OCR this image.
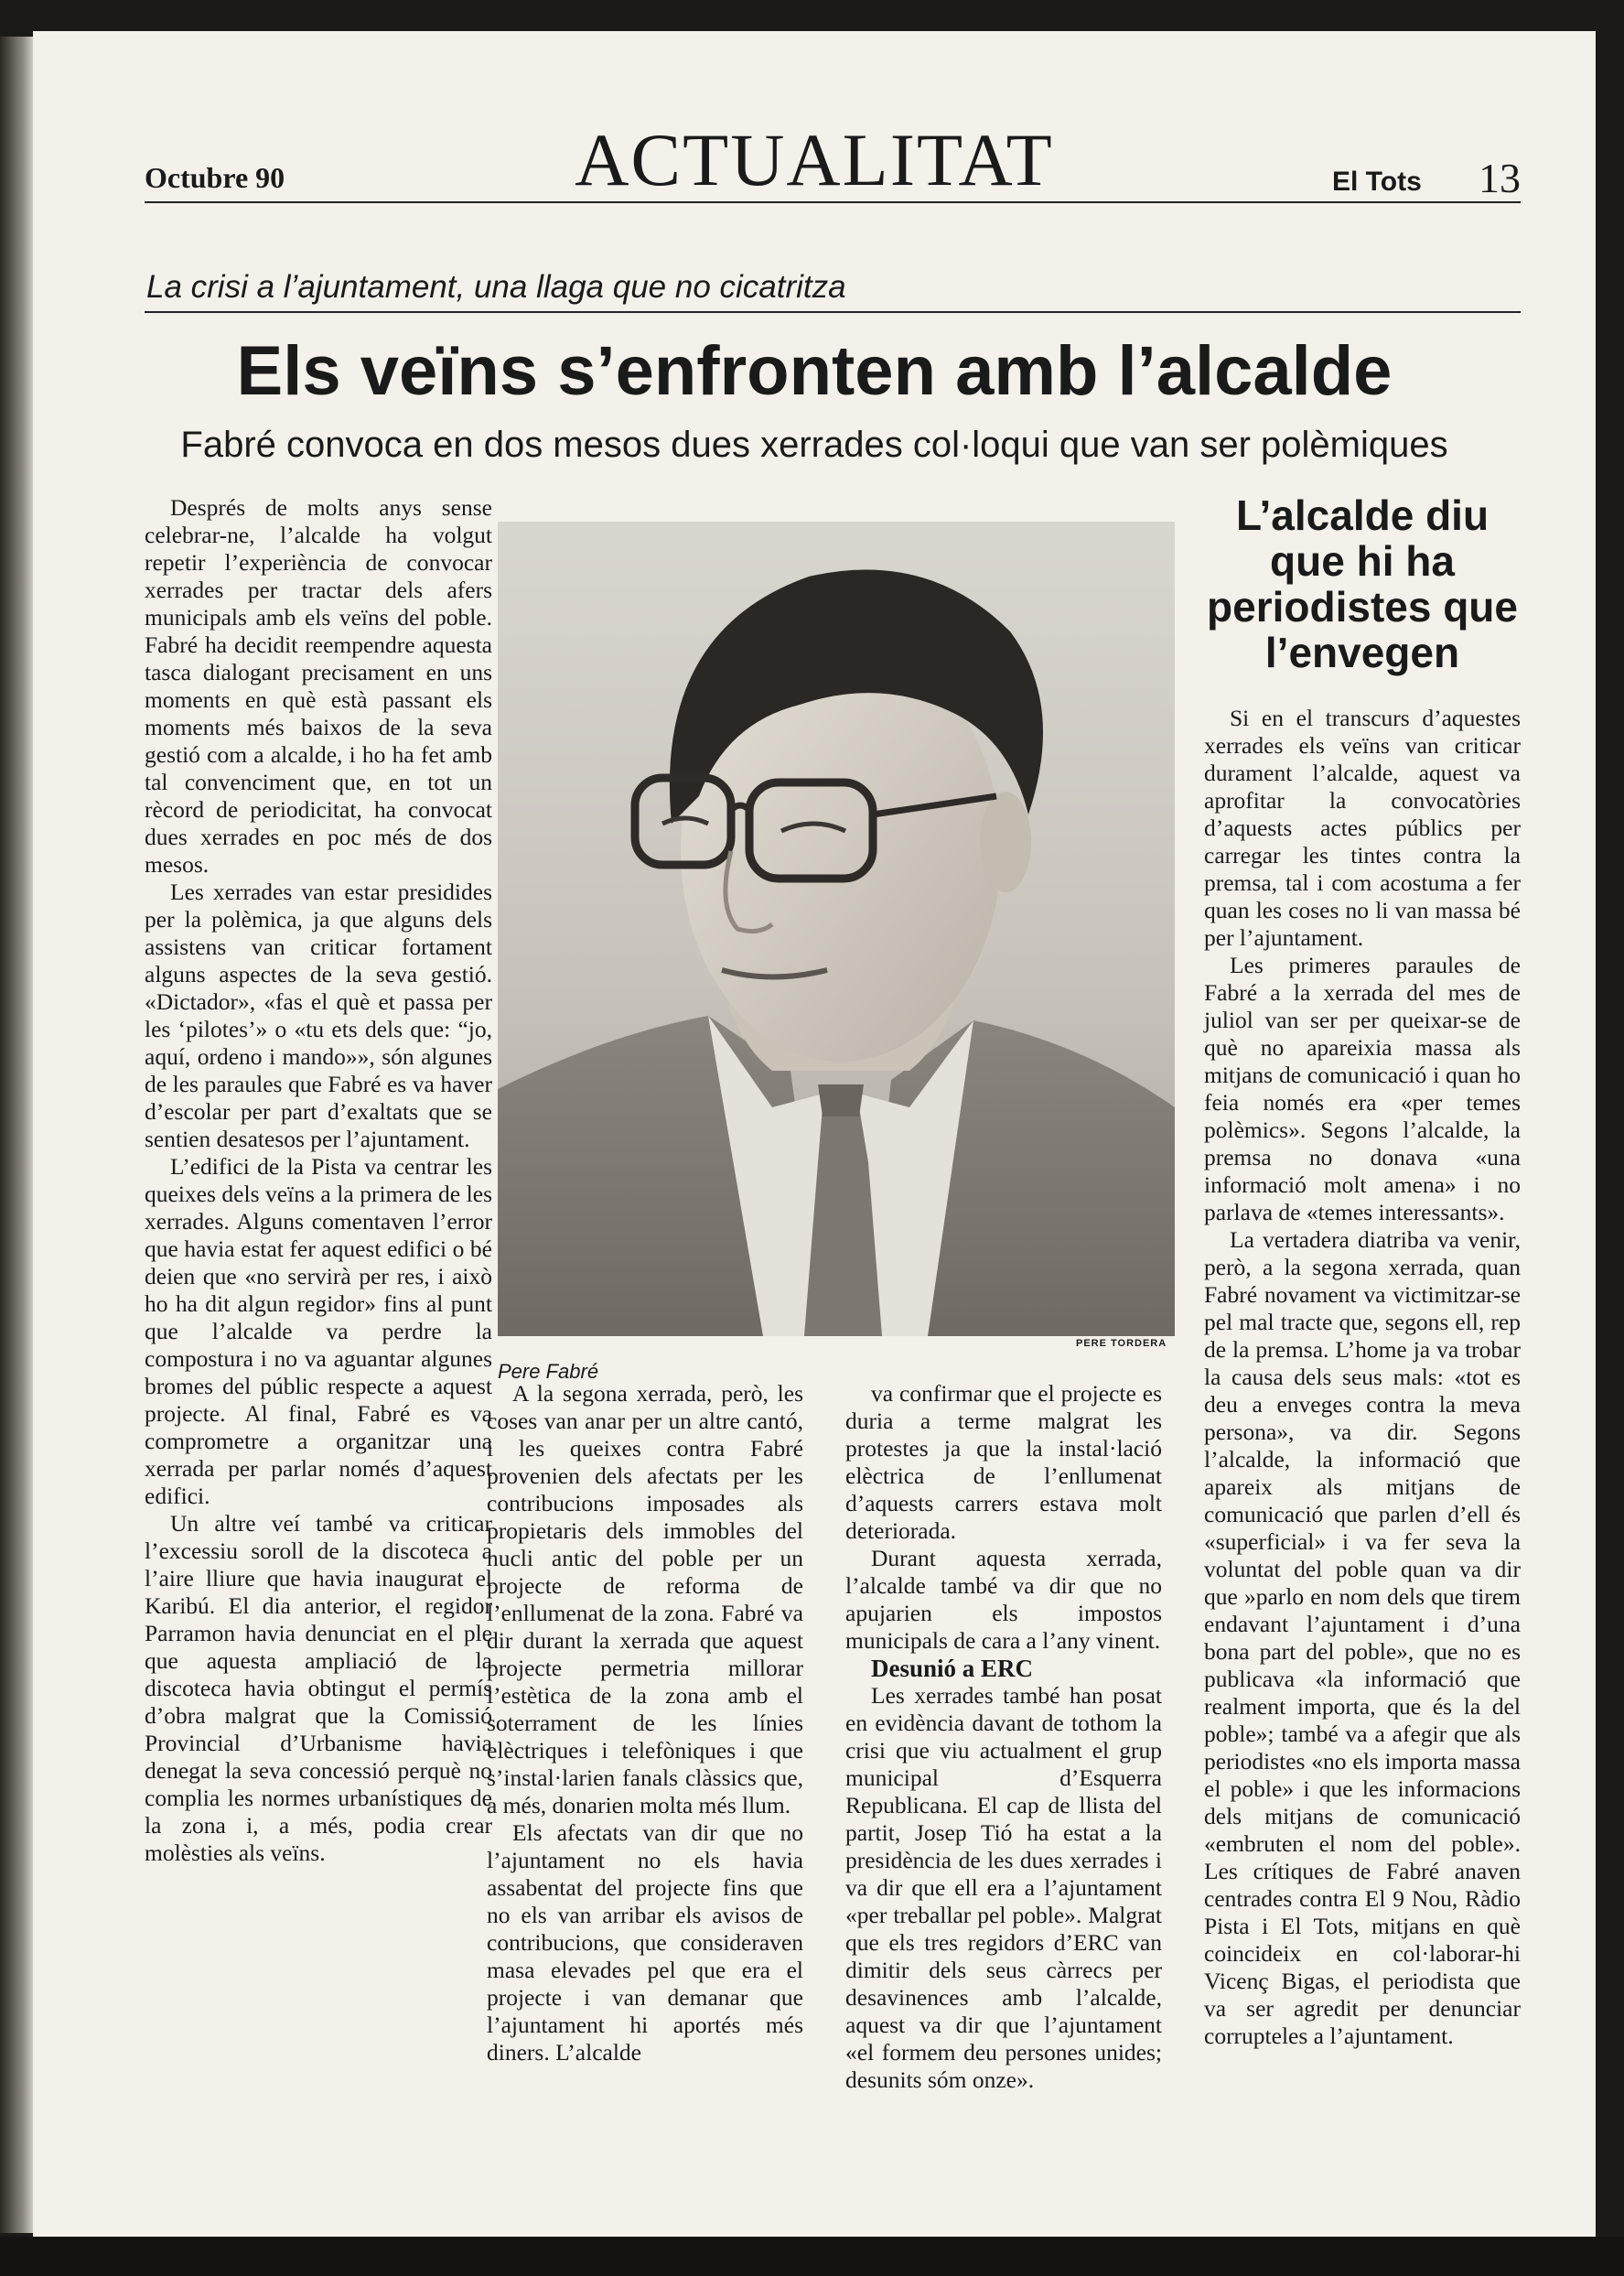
Octubre 90	ACTUALITAT	El Tots 13
La crisi a l’ajuntament, una llaga que no cicatritza
Els veïns s’enfronten amb l’alcalde
Fabré convoca en dos mesos dues xerrades col·loqui que van ser polèmiques

Després de molts anys sense celebrar-ne, l’alcalde ha volgut repetir l’experiència de convocar xerrades per tractar dels afers municipals amb els veïns del poble. Fabré ha decidit reempendre aquesta tasca dialogant precisament en uns moments en què està passant els moments més baixos de la seva gestió com a alcalde, i ho ha fet amb tal convenciment que, en tot un rècord de periodicitat, ha convocat dues xerrades en poc més de dos mesos.

Les xerrades van estar presidides per la polèmica, ja que alguns dels assistens van criticar fortament alguns aspectes de la seva gestió. «Dictador», «fas el què et passa per les ‘pilotes’» o «tu ets dels que: “jo, aquí, ordeno i mando»», són algunes de les paraules que Fabré es va haver d’escolar per part d’exaltats que se sentien desatesos per l’ajuntament.

L’edifici de la Pista va centrar les queixes dels veïns a la primera de les xerrades. Alguns comentaven l’error que havia estat fer aquest edifici o bé deien que «no servirà per res, i això ho ha dit algun regidor» fins al punt que l’alcalde va perdre la compostura i no va aguantar algunes bromes del públic respecte a aquest projecte. Al final, Fabré es va comprometre a organitzar una xerrada per parlar només d’aquest edifici.

Un altre veí també va criticar l’excessiu soroll de la discoteca a l’aire lliure que havia inaugurat el Karibú. El dia anterior, el regidor Parramon havia denunciat en el ple que aquesta ampliació de la discoteca havia obtingut el permís d’obra malgrat que la Comissió Provincial d’Urbanisme havia denegat la seva concessió perquè no complia les normes urbanístiques de la zona i, a més, podia crear molèsties als veïns.

PERE TORDERA
Pere Fabré

A la segona xerrada, però, les coses van anar per un altre cantó, i les queixes contra Fabré provenien dels afectats per les contribucions imposades als propietaris dels immobles del nucli antic del poble per un projecte de reforma de l’enllumenat de la zona. Fabré va dir durant la xerrada que aquest projecte permetria millorar l’estètica de la zona amb el soterrament de les línies elèctriques i telefòniques i que s’instal·larien fanals clàssics que, a més, donarien molta més llum.

Els afectats van dir que no l’ajuntament no els havia assabentat del projecte fins que no els van arribar els avisos de contribucions, que consideraven masa elevades pel que era el projecte i van demanar que l’ajuntament hi aportés més diners. L’alcalde

va confirmar que el projecte es duria a terme malgrat les protestes ja que la instal·lació elèctrica de l’enllumenat d’aquests carrers estava molt deteriorada.

Durant aquesta xerrada, l’alcalde també va dir que no apujarien els impostos municipals de cara a l’any vinent.

Desunió a ERC

Les xerrades també han posat en evidència davant de tothom la crisi que viu actualment el grup municipal d’Esquerra Republicana. El cap de llista del partit, Josep Tió ha estat a la presidència de les dues xerrades i va dir que ell era a l’ajuntament «per treballar pel poble». Malgrat que els tres regidors d’ERC van dimitir dels seus càrrecs per desavinences amb l’alcalde, aquest va dir que l’ajuntament «el formem deu persones unides; desunits sóm onze».

L’alcalde diu que hi ha periodistes que l’envegen

Si en el transcurs d’aquestes xerrades els veïns van criticar durament l’alcalde, aquest va aprofitar la convocatòries d’aquests actes públics per carregar les tintes contra la premsa, tal i com acostuma a fer quan les coses no li van massa bé per l’ajuntament.

Les primeres paraules de Fabré a la xerrada del mes de juliol van ser per queixar-se de què no apareixia massa als mitjans de comunicació i quan ho feia només era «per temes polèmics». Segons l’alcalde, la premsa no donava «una informació molt amena» i no parlava de «temes interessants».

La vertadera diatriba va venir, però, a la segona xerrada, quan Fabré novament va victimitzar-se pel mal tracte que, segons ell, rep de la premsa. L’home ja va trobar la causa dels seus mals: «tot es deu a enveges contra la meva persona», va dir. Segons l’alcalde, la informació que apareix als mitjans de comunicació que parlen d’ell és «superficial» i va fer seva la voluntat del poble quan va dir que »parlo en nom dels que tirem endavant l’ajuntament i d’una bona part del poble», que no es publicava «la informació que realment importa, que és la del poble»; també va a afegir que als periodistes «no els importa massa el poble» i que les informacions dels mitjans de comunicació «embruten el nom del poble». Les crítiques de Fabré anaven centrades contra El 9 Nou, Ràdio Pista i El Tots, mitjans en què coincideix en col·laborar-hi Vicenç Bigas, el periodista que va ser agredit per denunciar corrupteles a l’ajuntament.
